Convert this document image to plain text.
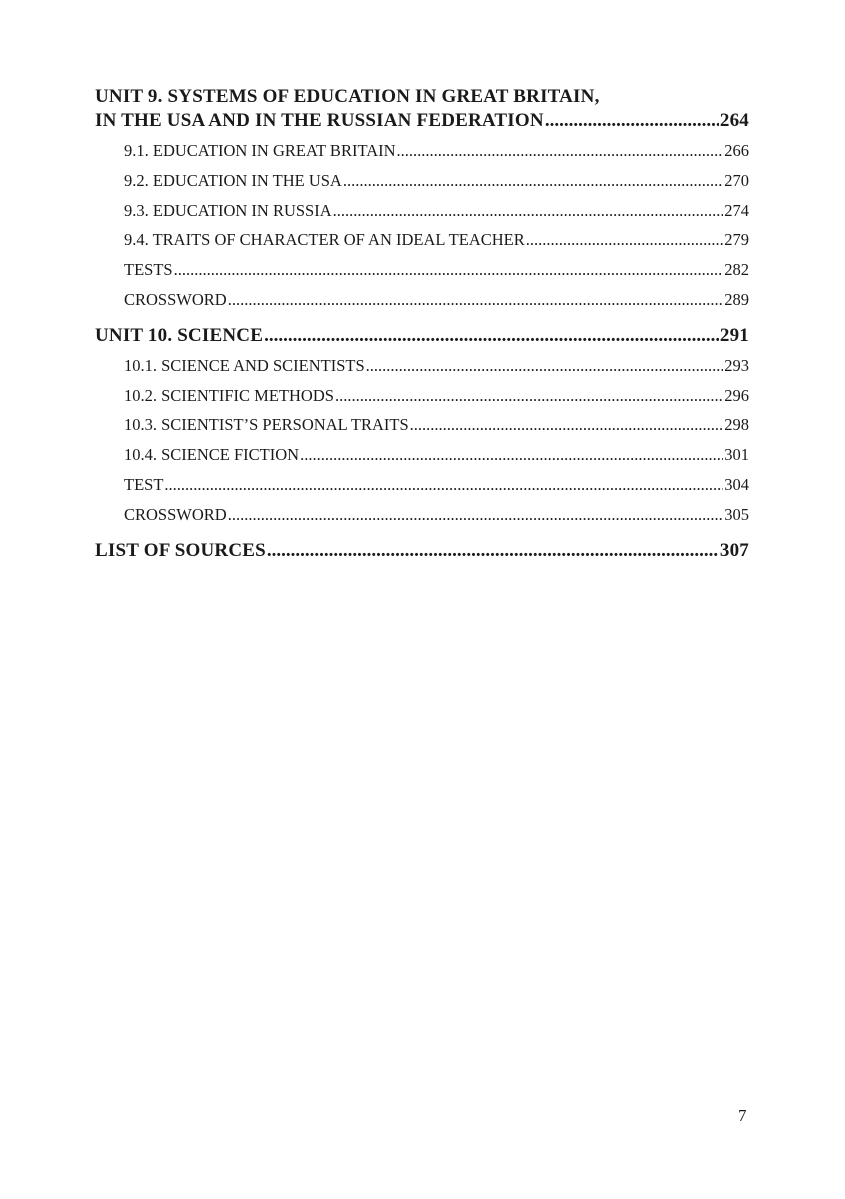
UNIT 9. SYSTEMS OF EDUCATION IN GREAT BRITAIN,
IN THE USA AND IN THE RUSSIAN FEDERATION .....	264
9.1. EDUCATION IN GREAT BRITAIN .....	266
9.2. EDUCATION IN THE USA .....	270
9.3. EDUCATION IN RUSSIA .....	274
9.4. TRAITS OF CHARACTER OF AN IDEAL TEACHER .....	279
TESTS .....	282
CROSSWORD .....	289
UNIT 10. SCIENCE .....	291
10.1. SCIENCE AND SCIENTISTS .....	293
10.2. SCIENTIFIC METHODS .....	296
10.3. SCIENTIST’S PERSONAL TRAITS .....	298
10.4. SCIENCE FICTION .....	301
TEST .....	304
CROSSWORD .....	305
LIST OF SOURCES .....	307
7
